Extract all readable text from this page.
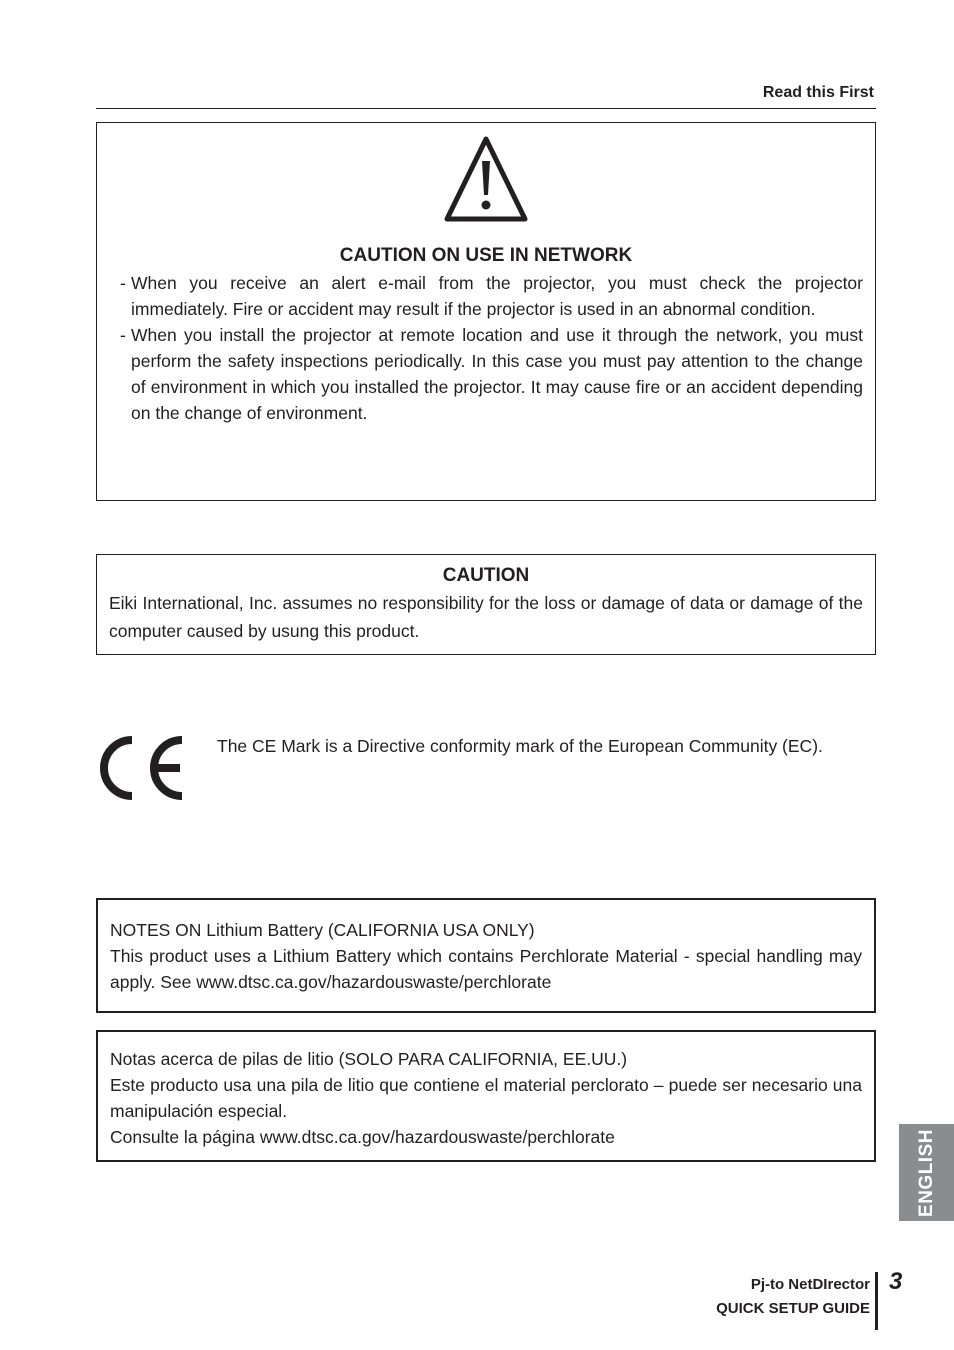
Read this First
CAUTION ON USE IN NETWORK
- When you receive an alert e-mail from the projector, you must check the projector immediately. Fire or accident may result if the projector is used in an abnormal condition.
- When you install the projector at remote location and use it through the network, you must perform the safety inspections periodically. In this case you must pay attention to the change of environment in which you installed the projector. It may cause fire or an accident depending on the change of environment.
CAUTION
Eiki International, Inc. assumes no responsibility for the loss or damage of data or damage of the computer caused by usung this product.
The CE Mark is a Directive conformity mark of the European Community (EC).
NOTES ON Lithium Battery (CALIFORNIA USA ONLY)
This product uses a Lithium Battery which contains Perchlorate Material - special handling may apply. See www.dtsc.ca.gov/hazardouswaste/perchlorate
Notas acerca de pilas de litio (SOLO PARA CALIFORNIA, EE.UU.)
Este producto usa una pila de litio que contiene el material perclorato – puede ser necesario una manipulación especial.
Consulte la página www.dtsc.ca.gov/hazardouswaste/perchlorate	ENGLISH
Pj-to NetDIrector
QUICK SETUP GUIDE
3
